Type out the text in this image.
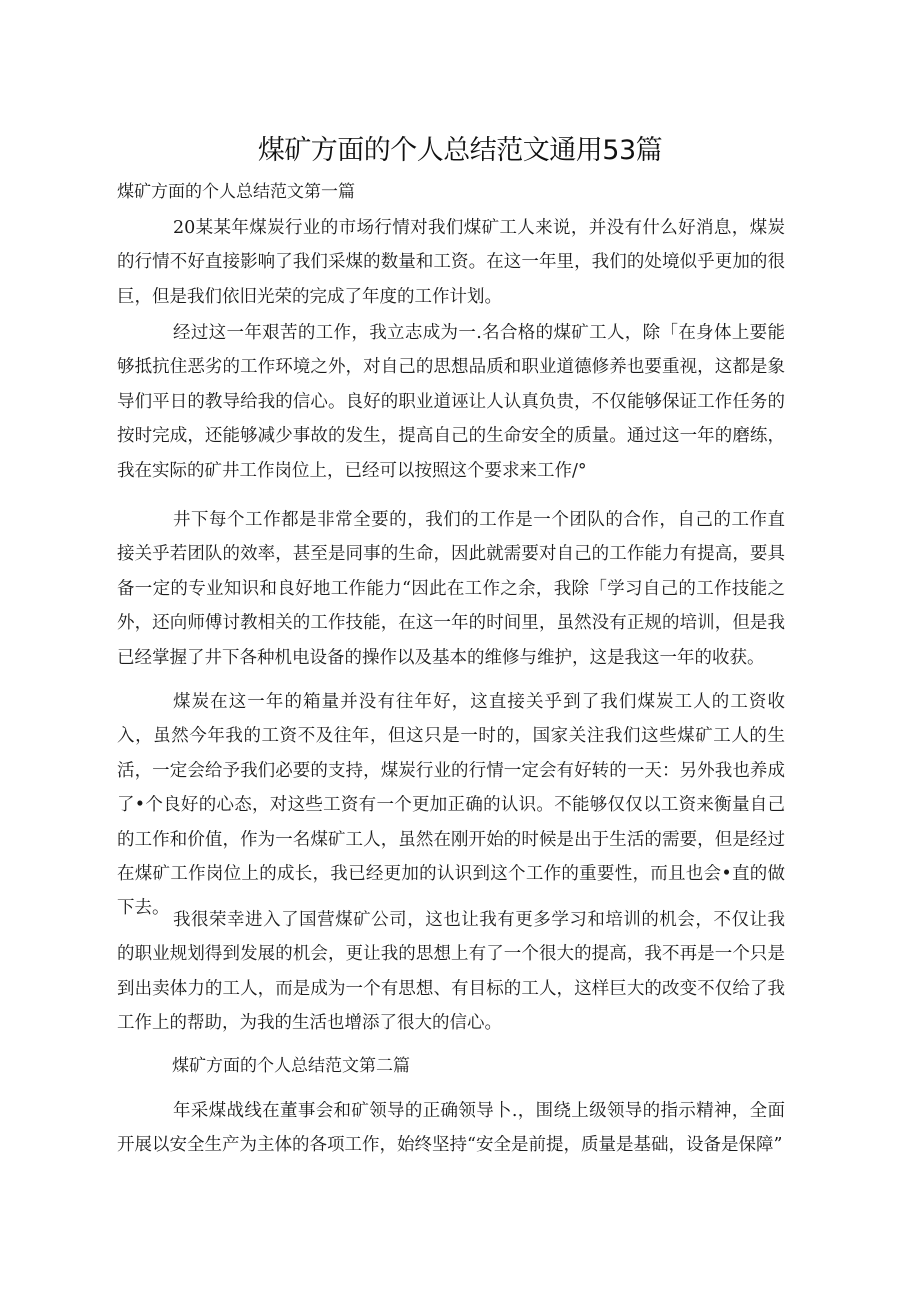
煤矿方面的个人总结范文通用53篇
煤矿方面的个人总结范文第一篇

20某某年煤炭行业的市场行情对我们煤矿工人来说，并没有什么好消息，煤炭的行情不好直接影响了我们采煤的数量和工资。在这一年里，我们的处境似乎更加的很巨，但是我们依旧光荣的完成了年度的工作计划。

经过这一年艰苦的工作，我立志成为一.名合格的煤矿工人，除「在身体上要能够抵抗住恶劣的工作环境之外，对自己的思想品质和职业道德修养也要重视，这都是象导们平日的教导给我的信心。良好的职业道诬让人认真负贵，不仅能够保证工作任务的按时完成，还能够减少事故的发生，提高自己的生命安全的质量。通过这一年的磨练，我在实际的矿井工作岗位上，已经可以按照这个要求来工作/°

井下每个工作都是非常全要的，我们的工作是一个团队的合作，自己的工作直接关乎若团队的效率，甚至是同事的生命，因此就需要对自己的工作能力有提高，要具备一定的专业知识和良好地工作能力“因此在工作之余，我除「学习自己的工作技能之外，还向师傅讨教相关的工作技能，在这一年的时间里，虽然没有正规的培训，但是我已经掌握了井下各种机电设备的操作以及基本的维修与维护，这是我这一年的收获。

煤炭在这一年的箱量并没有往年好，这直接关乎到了我们煤炭工人的工资收入，虽然今年我的工资不及往年，但这只是一时的，国家关注我们这些煤矿工人的生活，一定会给予我们必要的支持，煤炭行业的行情一定会有好转的一天：另外我也养成了•个良好的心态，对这些工资有一个更加正确的认识。不能够仅仅以工资来衡量自己的工作和价值，作为一名煤矿工人，虽然在刚开始的时候是出于生活的需要，但是经过在煤矿工作岗位上的成长，我已经更加的认识到这个工作的重要性，而且也会•直的做下去。

我很荣幸进入了国营煤矿公司，这也让我有更多学习和培训的机会，不仅让我的职业规划得到发展的机会，更让我的思想上有了一个很大的提高，我不再是一个只是到出卖体力的工人，而是成为一个有思想、有目标的工人，这样巨大的改变不仅给了我工作上的帮助，为我的生活也增添了很大的信心。

煤矿方面的个人总结范文第二篇

年采煤战线在董事会和矿领导的正确领导卜.，围绕上级领导的指示精神，全面开展以安全生产为主体的各项工作，始终坚持“安全是前提，质量是基础，设备是保障”
